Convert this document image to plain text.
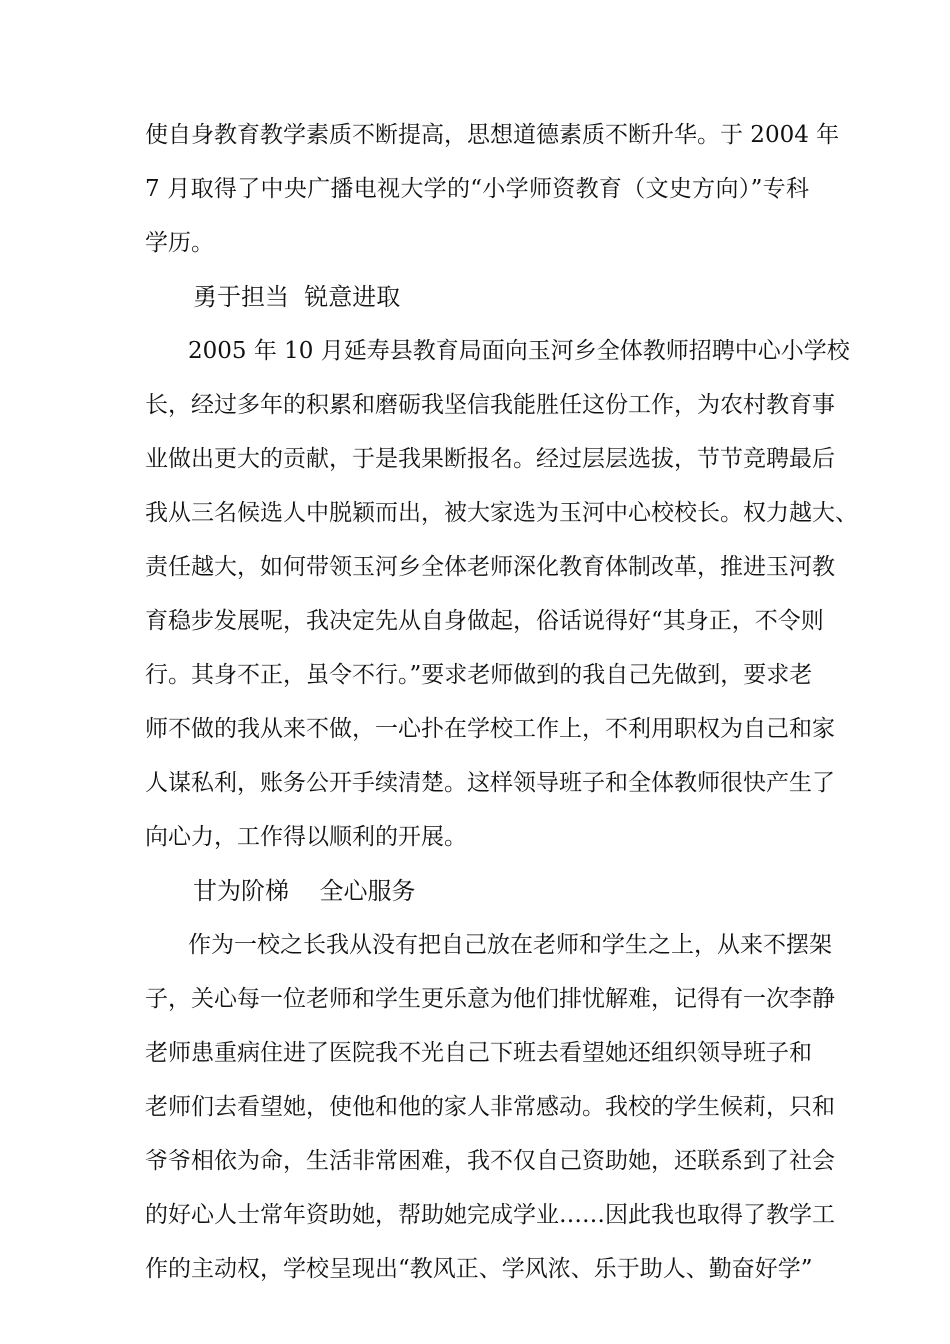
使自身教育教学素质不断提高，思想道德素质不断升华。于 2004 年
7 月取得了中央广播电视大学的“小学师资教育（文史方向）”专科
学历。
勇于担当  锐意进取
2005 年 10 月延寿县教育局面向玉河乡全体教师招聘中心小学校
长，经过多年的积累和磨砺我坚信我能胜任这份工作，为农村教育事
业做出更大的贡献，于是我果断报名。经过层层选拔，节节竞聘最后
我从三名候选人中脱颖而出，被大家选为玉河中心校校长。权力越大、
责任越大，如何带领玉河乡全体老师深化教育体制改革，推进玉河教
育稳步发展呢，我决定先从自身做起，俗话说得好“其身正，不令则
行。其身不正，虽令不行。”要求老师做到的我自己先做到，要求老
师不做的我从来不做，一心扑在学校工作上，不利用职权为自己和家
人谋私利，账务公开手续清楚。这样领导班子和全体教师很快产生了
向心力，工作得以顺利的开展。
甘为阶梯    全心服务
作为一校之长我从没有把自己放在老师和学生之上，从来不摆架
子，关心每一位老师和学生更乐意为他们排忧解难，记得有一次李静
老师患重病住进了医院我不光自己下班去看望她还组织领导班子和
老师们去看望她，使他和他的家人非常感动。我校的学生候莉，只和
爷爷相依为命，生活非常困难，我不仅自己资助她，还联系到了社会
的好心人士常年资助她，帮助她完成学业……因此我也取得了教学工
作的主动权，学校呈现出“教风正、学风浓、乐于助人、勤奋好学”
